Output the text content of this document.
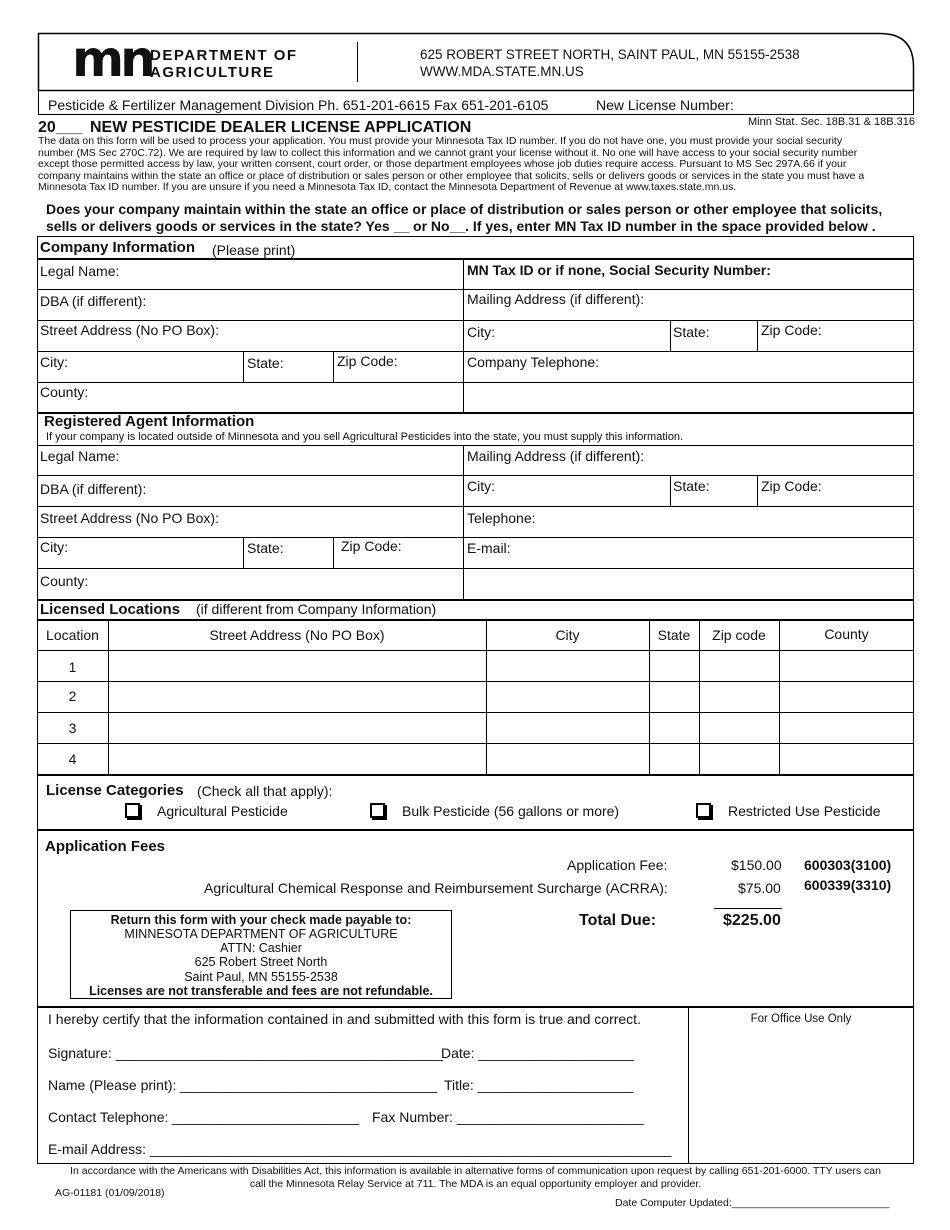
mn
DEPARTMENT OF
AGRICULTURE
625 ROBERT STREET NORTH, SAINT PAUL, MN 55155-2538
WWW.MDA.STATE.MN.US
Pesticide & Fertilizer Management Division Ph. 651-201-6615 Fax 651-201-6105	New License Number:
Minn Stat. Sec. 18B.31 & 18B.316
20___ NEW PESTICIDE DEALER LICENSE APPLICATION
The data on this form will be used to process your application. You must provide your Minnesota Tax ID number. If you do not have one, you must provide your social security
number (MS Sec 270C.72). We are required by law to collect this information and we cannot grant your license without it. No one will have access to your social security number
except those permitted access by law, your written consent, court order, or those department employees whose job duties require access. Pursuant to MS Sec 297A.66 if your
company maintains within the state an office or place of distribution or sales person or other employee that solicits, sells or delivers goods or services in the state you must have a
Minnesota Tax ID number. If you are unsure if you need a Minnesota Tax ID, contact the Minnesota Department of Revenue at www.taxes.state.mn.us.
Does your company maintain within the state an office or place of distribution or sales person or other employee that solicits,
sells or delivers goods or services in the state? Yes __ or No__. If yes, enter MN Tax ID number in the space provided below .
Company Information (Please print)
Legal Name:	MN Tax ID or if none, Social Security Number:
DBA (if different):	Mailing Address (if different):
Street Address (No PO Box):	City:	State:	Zip Code:
City:	State:	Zip Code:	Company Telephone:
County:
Registered Agent Information
If your company is located outside of Minnesota and you sell Agricultural Pesticides into the state, you must supply this information.
Legal Name:	Mailing Address (if different):
DBA (if different):	City:	State:	Zip Code:
Street Address (No PO Box):	Telephone:
City:	State:	Zip Code:	E-mail:
County:
Licensed Locations (if different from Company Information)
Location	Street Address (No PO Box)	City	State	Zip code	County
1
2
3
4
License Categories (Check all that apply):
Agricultural Pesticide	Bulk Pesticide (56 gallons or more)	Restricted Use Pesticide
Application Fees
Application Fee:	$150.00 600303(3100)
Agricultural Chemical Response and Reimbursement Surcharge (ACRRA):	$75.00 600339(3310)
Total Due:	$225.00
Return this form with your check made payable to:
MINNESOTA DEPARTMENT OF AGRICULTURE
ATTN: Cashier
625 Robert Street North
Saint Paul, MN 55155-2538
Licenses are not transferable and fees are not refundable.
I hereby certify that the information contained in and submitted with this form is true and correct.
Signature: __________________________________________
Date: ____________________
Name (Please print): _________________________________ Title: ____________________
Contact Telephone: ________________________ Fax Number: ________________________
E-mail Address: ___________________________________________________________________
For Office Use Only
In accordance with the Americans with Disabilities Act, this information is available in alternative forms of communication upon request by calling 651-201-6000. TTY users can
call the Minnesota Relay Service at 711. The MDA is an equal opportunity employer and provider.
AG-01181 (01/09/2018)
Date Computer Updated:___________________________
